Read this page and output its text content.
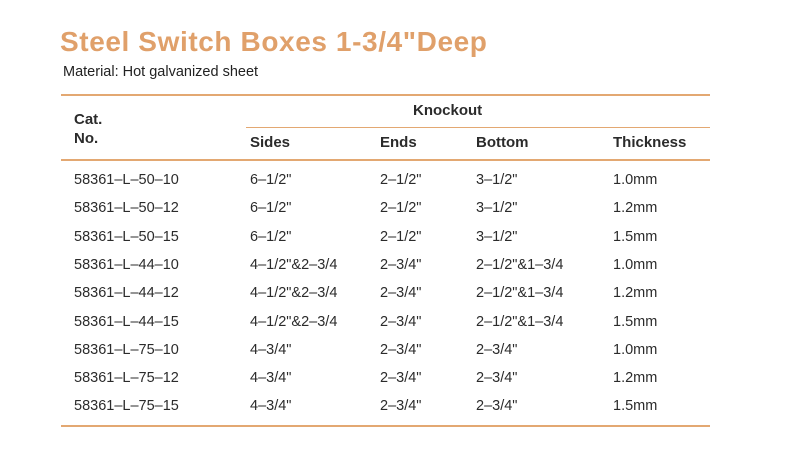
Steel Switch Boxes 1-3/4"Deep
Material: Hot galvanized sheet
Cat.
No.
Knockout
Sides	Ends	Bottom	Thickness
58361–L–50–10	6–1/2"	2–1/2"	3–1/2"	1.0mm
58361–L–50–12	6–1/2"	2–1/2"	3–1/2"	1.2mm
58361–L–50–15	6–1/2"	2–1/2"	3–1/2"	1.5mm
58361–L–44–10	4–1/2"&2–3/4	2–3/4"	2–1/2"&1–3/4	1.0mm
58361–L–44–12	4–1/2"&2–3/4	2–3/4"	2–1/2"&1–3/4	1.2mm
58361–L–44–15	4–1/2"&2–3/4	2–3/4"	2–1/2"&1–3/4	1.5mm
58361–L–75–10	4–3/4"	2–3/4"	2–3/4"	1.0mm
58361–L–75–12	4–3/4"	2–3/4"	2–3/4"	1.2mm
58361–L–75–15	4–3/4"	2–3/4"	2–3/4"	1.5mm
